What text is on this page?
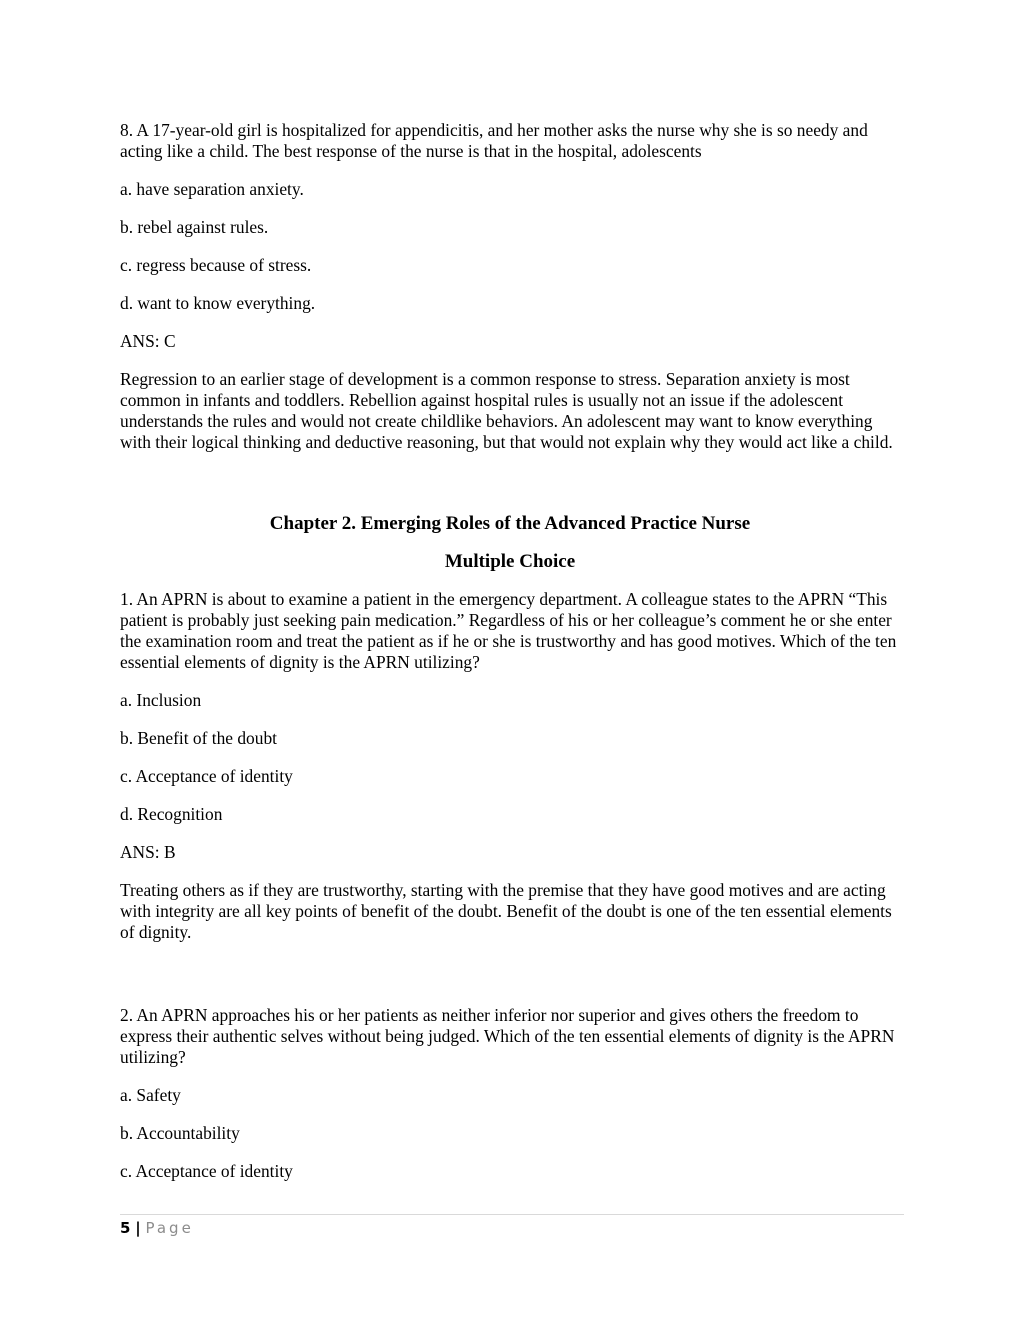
8. A 17-year-old girl is hospitalized for appendicitis, and her mother asks the nurse why she is so needy and acting like a child. The best response of the nurse is that in the hospital, adolescents

a. have separation anxiety.

b. rebel against rules.

c. regress because of stress.

d. want to know everything.

ANS: C

Regression to an earlier stage of development is a common response to stress. Separation anxiety is most common in infants and toddlers. Rebellion against hospital rules is usually not an issue if the adolescent understands the rules and would not create childlike behaviors. An adolescent may want to know everything with their logical thinking and deductive reasoning, but that would not explain why they would act like a child.

Chapter 2. Emerging Roles of the Advanced Practice Nurse
Multiple Choice

1. An APRN is about to examine a patient in the emergency department. A colleague states to the APRN “This patient is probably just seeking pain medication.” Regardless of his or her colleague’s comment he or she enter the examination room and treat the patient as if he or she is trustworthy and has good motives. Which of the ten essential elements of dignity is the APRN utilizing?

a. Inclusion

b. Benefit of the doubt

c. Acceptance of identity

d. Recognition

ANS: B

Treating others as if they are trustworthy, starting with the premise that they have good motives and are acting with integrity are all key points of benefit of the doubt. Benefit of the doubt is one of the ten essential elements of dignity.

2. An APRN approaches his or her patients as neither inferior nor superior and gives others the freedom to express their authentic selves without being judged. Which of the ten essential elements of dignity is the APRN utilizing?

a. Safety

b. Accountability

c. Acceptance of identity

5 | Page
